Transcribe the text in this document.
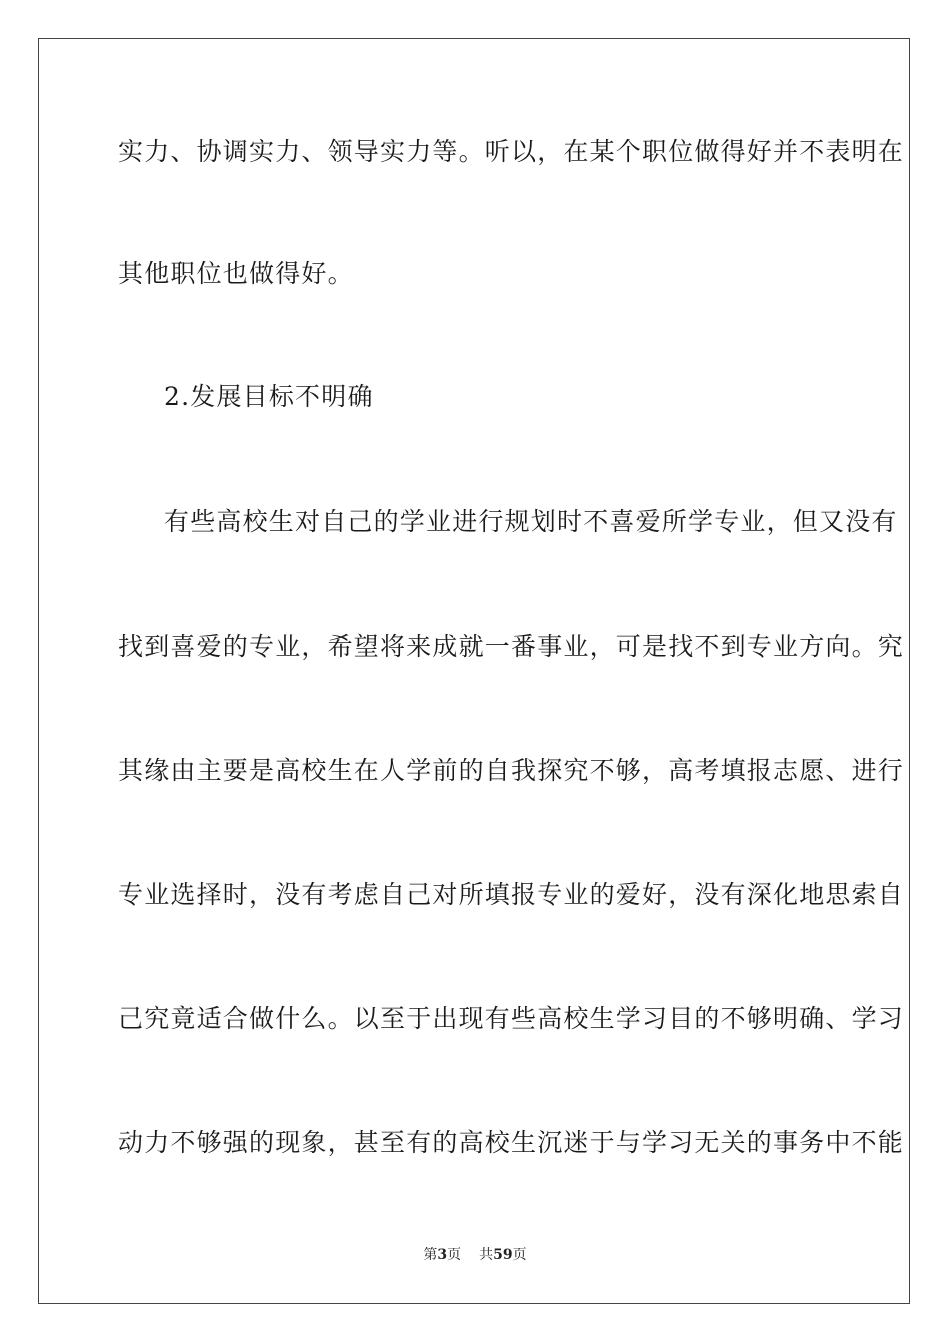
实力、协调实力、领导实力等。听以，在某个职位做得好并不表明在
其他职位也做得好。
2.发展目标不明确
有些高校生对自己的学业进行规划时不喜爱所学专业，但又没有
找到喜爱的专业，希望将来成就一番事业，可是找不到专业方向。究
其缘由主要是高校生在人学前的自我探究不够，高考填报志愿、进行
专业选择时，没有考虑自己对所填报专业的爱好，没有深化地思索自
己究竟适合做什么。以至于出现有些高校生学习目的不够明确、学习
动力不够强的现象，甚至有的高校生沉迷于与学习无关的事务中不能
第3页 共59页
